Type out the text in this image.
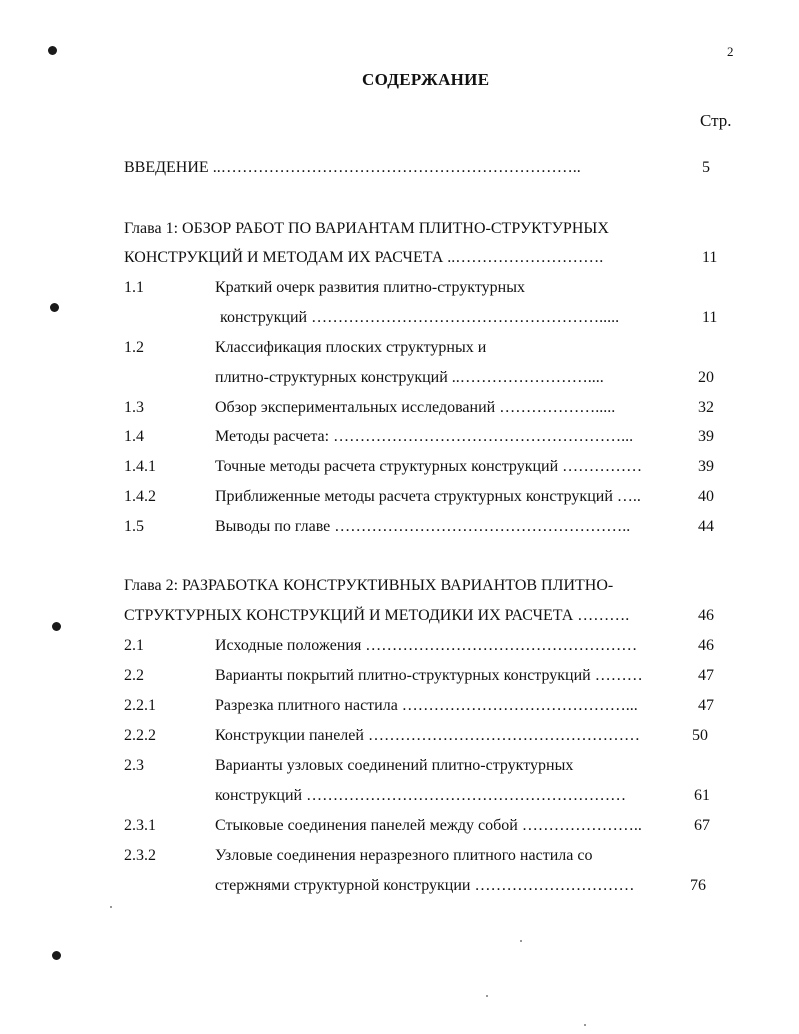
2
СОДЕРЖАНИЕ
Стр.
ВВЕДЕНИЕ ..…………………………………………………………..	5
Глава 1: ОБЗОР РАБОТ ПО ВАРИАНТАМ ПЛИТНО-СТРУКТУРНЫХ
КОНСТРУКЦИЙ И МЕТОДАМ ИХ РАСЧЕТА ..……………………….	11
1.1	Краткий очерк развития плитно-структурных
конструкций ……………………………………………….....	11
1.2	Классификация плоских структурных и
плитно-структурных конструкций ..……………………....	20
1.3	Обзор экспериментальных исследований ……………….....	32
1.4	Методы расчета: ………………………………………………...	39
1.4.1	Точные методы расчета структурных конструкций ……………	39
1.4.2	Приближенные методы расчета структурных конструкций …..	40
1.5	Выводы по главе ………………………………………………..	44
Глава 2: РАЗРАБОТКА КОНСТРУКТИВНЫХ ВАРИАНТОВ ПЛИТНО-
СТРУКТУРНЫХ КОНСТРУКЦИЙ И МЕТОДИКИ ИХ РАСЧЕТА ……….	46
2.1	Исходные положения ……………………………………………	46
2.2	Варианты покрытий плитно-структурных конструкций ………	47
2.2.1	Разрезка плитного настила ……………………………………...	47
2.2.2	Конструкции панелей ……………………………………………	50
2.3	Варианты узловых соединений плитно-структурных
конструкций ……………………………………………………	61
2.3.1	Стыковые соединения панелей между собой …………………..	67
2.3.2	Узловые соединения неразрезного плитного настила со
стержнями структурной конструкции …………………………	76
